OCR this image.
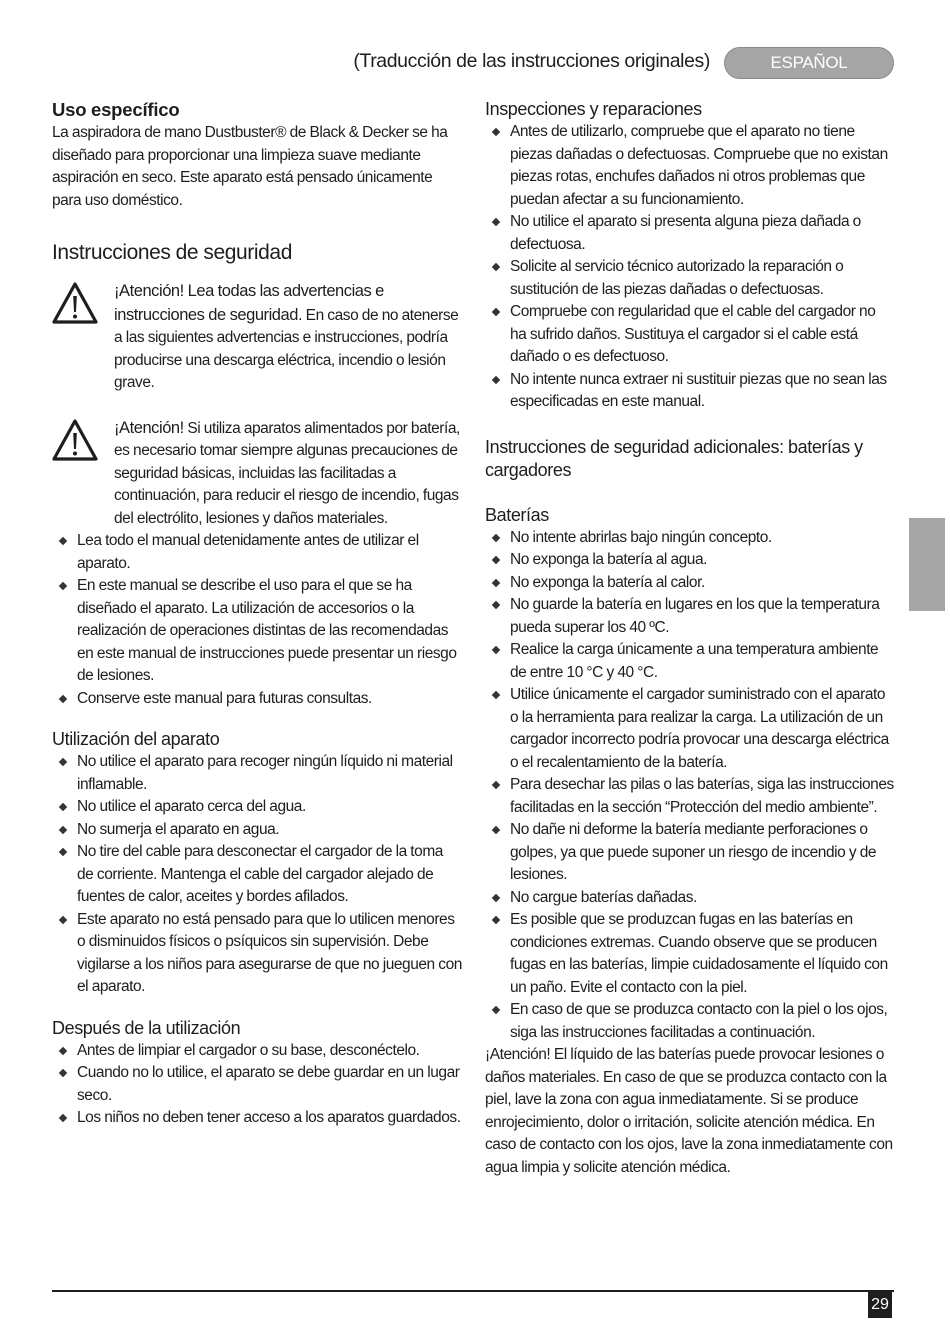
(Traducción de las instrucciones originales)	ESPAÑOL
Uso específico

La aspiradora de mano Dustbuster® de Black & Decker se ha diseñado para proporcionar una limpieza suave mediante aspiración en seco. Este aparato está pensado únicamente para uso doméstico.

Instrucciones de seguridad
¡Atención! Lea todas las advertencias e instrucciones de seguridad. En caso de no atenerse a las siguientes advertencias e instrucciones, podría producirse una descarga eléctrica, incendio o lesión grave.
¡Atención! Si utiliza aparatos alimentados por batería, es necesario tomar siempre algunas precauciones de seguridad básicas, incluidas las facilitadas a continuación, para reducir el riesgo de incendio, fugas del electrólito, lesiones y daños materiales.
Lea todo el manual detenidamente antes de utilizar el aparato.
En este manual se describe el uso para el que se ha diseñado el aparato. La utilización de accesorios o la realización de operaciones distintas de las recomendadas en este manual de instrucciones puede presentar un riesgo de lesiones.
Conserve este manual para futuras consultas.
Utilización del aparato
No utilice el aparato para recoger ningún líquido ni material inflamable.
No utilice el aparato cerca del agua.
No sumerja el aparato en agua.
No tire del cable para desconectar el cargador de la toma de corriente. Mantenga el cable del cargador alejado de fuentes de calor, aceites y bordes afilados.
Este aparato no está pensado para que lo utilicen menores o disminuidos físicos o psíquicos sin supervisión. Debe vigilarse a los niños para asegurarse de que no jueguen con el aparato.
Después de la utilización
Antes de limpiar el cargador o su base, desconéctelo.
Cuando no lo utilice, el aparato se debe guardar en un lugar seco.
Los niños no deben tener acceso a los aparatos guardados.
Inspecciones y reparaciones
Antes de utilizarlo, compruebe que el aparato no tiene piezas dañadas o defectuosas. Compruebe que no existan piezas rotas, enchufes dañados ni otros problemas que puedan afectar a su funcionamiento.
No utilice el aparato si presenta alguna pieza dañada o defectuosa.
Solicite al servicio técnico autorizado la reparación o sustitución de las piezas dañadas o defectuosas.
Compruebe con regularidad que el cable del cargador no ha sufrido daños. Sustituya el cargador si el cable está dañado o es defectuoso.
No intente nunca extraer ni sustituir piezas que no sean las especificadas en este manual.
Instrucciones de seguridad adicionales: baterías y cargadores
Baterías
No intente abrirlas bajo ningún concepto.
No exponga la batería al agua.
No exponga la batería al calor.
No guarde la batería en lugares en los que la temperatura pueda superar los 40 ºC.
Realice la carga únicamente a una temperatura ambiente de entre 10 °C y 40 °C.
Utilice únicamente el cargador suministrado con el aparato o la herramienta para realizar la carga. La utilización de un cargador incorrecto podría provocar una descarga eléctrica o el recalentamiento de la batería.
Para desechar las pilas o las baterías, siga las instrucciones facilitadas en la sección “Protección del medio ambiente”.
No dañe ni deforme la batería mediante perforaciones o golpes, ya que puede suponer un riesgo de incendio y de lesiones.
No cargue baterías dañadas.
Es posible que se produzcan fugas en las baterías en condiciones extremas. Cuando observe que se producen fugas en las baterías, limpie cuidadosamente el líquido con un paño. Evite el contacto con la piel.
En caso de que se produzca contacto con la piel o los ojos, siga las instrucciones facilitadas a continuación.

¡Atención! El líquido de las baterías puede provocar lesiones o daños materiales. En caso de que se produzca contacto con la piel, lave la zona con agua inmediatamente. Si se produce enrojecimiento, dolor o irritación, solicite atención médica. En caso de contacto con los ojos, lave la zona inmediatamente con agua limpia y solicite atención médica.

29
